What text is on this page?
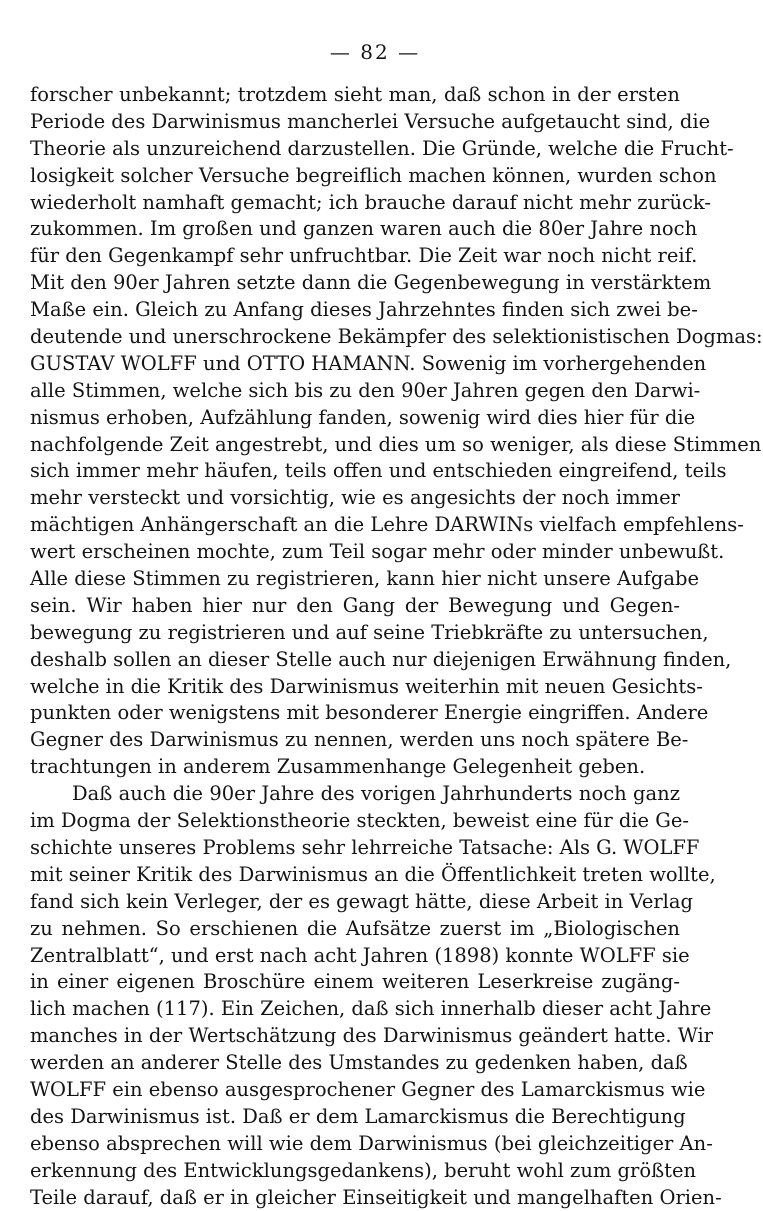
— 82 —
forscher unbekannt; trotzdem sieht man, daß schon in der ersten
Periode des Darwinismus mancherlei Versuche aufgetaucht sind, die
Theorie als unzureichend darzustellen. Die Gründe, welche die Frucht-
losigkeit solcher Versuche begreiflich machen können, wurden schon
wiederholt namhaft gemacht; ich brauche darauf nicht mehr zurück-
zukommen. Im großen und ganzen waren auch die 80er Jahre noch
für den Gegenkampf sehr unfruchtbar. Die Zeit war noch nicht reif.
Mit den 90er Jahren setzte dann die Gegenbewegung in verstärktem
Maße ein. Gleich zu Anfang dieses Jahrzehntes finden sich zwei be-
deutende und unerschrockene Bekämpfer des selektionistischen Dogmas:
GUSTAV WOLFF und OTTO HAMANN. Sowenig im vorhergehenden
alle Stimmen, welche sich bis zu den 90er Jahren gegen den Darwi-
nismus erhoben, Aufzählung fanden, sowenig wird dies hier für die
nachfolgende Zeit angestrebt, und dies um so weniger, als diese Stimmen
sich immer mehr häufen, teils offen und entschieden eingreifend, teils
mehr versteckt und vorsichtig, wie es angesichts der noch immer
mächtigen Anhängerschaft an die Lehre DARWINs vielfach empfehlens-
wert erscheinen mochte, zum Teil sogar mehr oder minder unbewußt.
Alle diese Stimmen zu registrieren, kann hier nicht unsere Aufgabe
sein. Wir haben hier nur den Gang der Bewegung und Gegen-
bewegung zu registrieren und auf seine Triebkräfte zu untersuchen,
deshalb sollen an dieser Stelle auch nur diejenigen Erwähnung finden,
welche in die Kritik des Darwinismus weiterhin mit neuen Gesichts-
punkten oder wenigstens mit besonderer Energie eingriffen. Andere
Gegner des Darwinismus zu nennen, werden uns noch spätere Be-
trachtungen in anderem Zusammenhange Gelegenheit geben.
Daß auch die 90er Jahre des vorigen Jahrhunderts noch ganz
im Dogma der Selektionstheorie steckten, beweist eine für die Ge-
schichte unseres Problems sehr lehrreiche Tatsache: Als G. WOLFF
mit seiner Kritik des Darwinismus an die Öffentlichkeit treten wollte,
fand sich kein Verleger, der es gewagt hätte, diese Arbeit in Verlag
zu nehmen. So erschienen die Aufsätze zuerst im „Biologischen
Zentralblatt“, und erst nach acht Jahren (1898) konnte WOLFF sie
in einer eigenen Broschüre einem weiteren Leserkreise zugäng-
lich machen (117). Ein Zeichen, daß sich innerhalb dieser acht Jahre
manches in der Wertschätzung des Darwinismus geändert hatte. Wir
werden an anderer Stelle des Umstandes zu gedenken haben, daß
WOLFF ein ebenso ausgesprochener Gegner des Lamarckismus wie
des Darwinismus ist. Daß er dem Lamarckismus die Berechtigung
ebenso absprechen will wie dem Darwinismus (bei gleichzeitiger An-
erkennung des Entwicklungsgedankens), beruht wohl zum größten
Teile darauf, daß er in gleicher Einseitigkeit und mangelhaften Orien-
